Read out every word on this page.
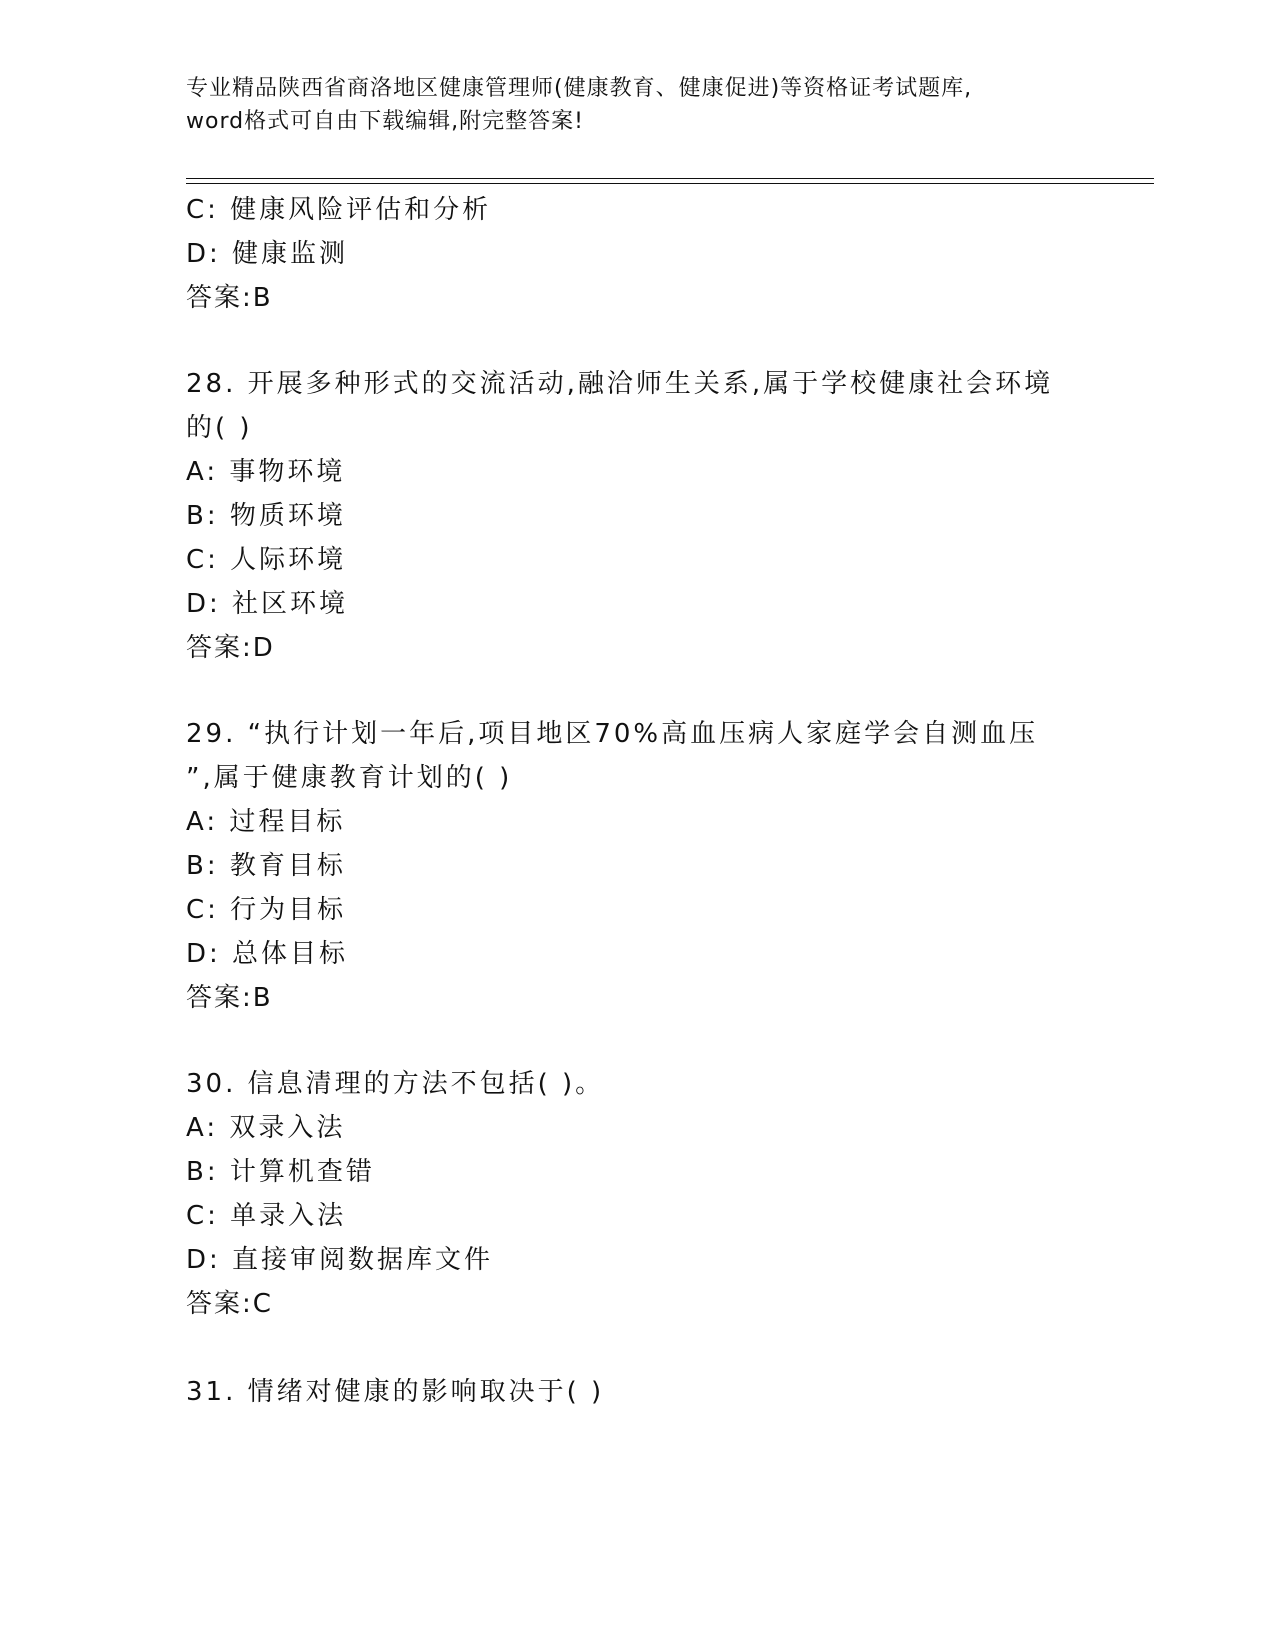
专业精品陕西省商洛地区健康管理师(健康教育、健康促进)等资格证考试题库,
word格式可自由下载编辑,附完整答案!
C: 健康风险评估和分析
D: 健康监测
答案:B
28. 开展多种形式的交流活动,融洽师生关系,属于学校健康社会环境
的( )
A: 事物环境
B: 物质环境
C: 人际环境
D: 社区环境
答案:D
29. “执行计划一年后,项目地区70%高血压病人家庭学会自测血压
”,属于健康教育计划的( )
A: 过程目标
B: 教育目标
C: 行为目标
D: 总体目标
答案:B
30. 信息清理的方法不包括( )。
A: 双录入法
B: 计算机查错
C: 单录入法
D: 直接审阅数据库文件
答案:C
31. 情绪对健康的影响取决于( )
